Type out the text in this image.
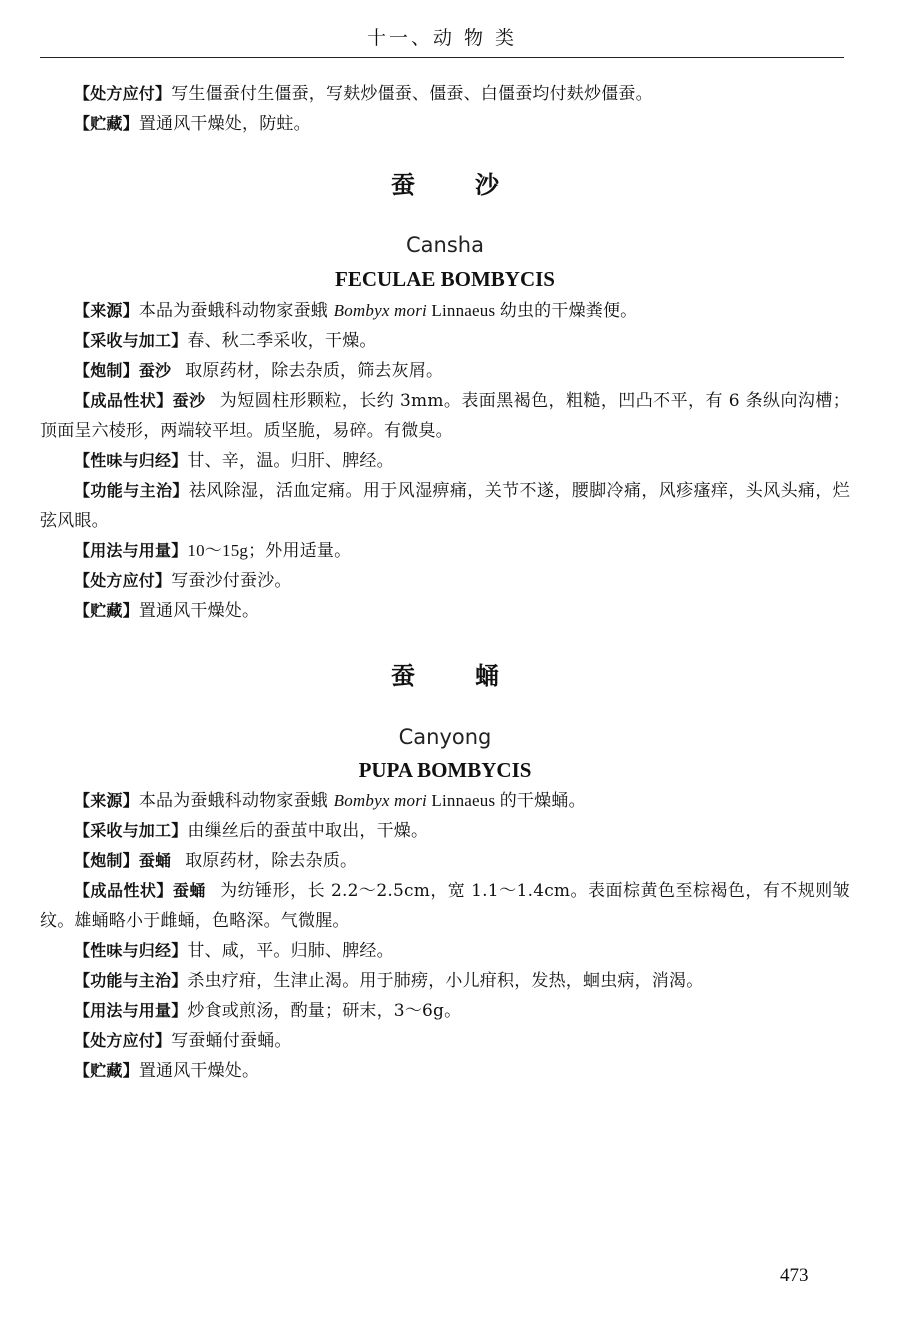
十一、动 物 类

【处方应付】写生僵蚕付生僵蚕，写麸炒僵蚕、僵蚕、白僵蚕均付麸炒僵蚕。

【贮藏】置通风干燥处，防蛀。

蚕沙
Cansha
FECULAE BOMBYCIS

【来源】本品为蚕蛾科动物家蚕蛾 Bombyx mori Linnaeus 幼虫的干燥粪便。

【采收与加工】春、秋二季采收，干燥。

【炮制】蚕沙 取原药材，除去杂质，筛去灰屑。

【成品性状】蚕沙 为短圆柱形颗粒，长约 3mm。表面黑褐色，粗糙，凹凸不平，有 6 条纵向沟槽；顶面呈六棱形，两端较平坦。质坚脆，易碎。有微臭。

【性味与归经】甘、辛，温。归肝、脾经。

【功能与主治】祛风除湿，活血定痛。用于风湿痹痛，关节不遂，腰脚冷痛，风疹瘙痒，头风头痛，烂弦风眼。

【用法与用量】10～15g；外用适量。

【处方应付】写蚕沙付蚕沙。

【贮藏】置通风干燥处。

蚕蛹
Canyong
PUPA BOMBYCIS

【来源】本品为蚕蛾科动物家蚕蛾 Bombyx mori Linnaeus 的干燥蛹。

【采收与加工】由缫丝后的蚕茧中取出，干燥。

【炮制】蚕蛹 取原药材，除去杂质。

【成品性状】蚕蛹 为纺锤形，长 2.2～2.5cm，宽 1.1～1.4cm。表面棕黄色至棕褐色，有不规则皱纹。雄蛹略小于雌蛹，色略深。气微腥。

【性味与归经】甘、咸，平。归肺、脾经。

【功能与主治】杀虫疗疳，生津止渴。用于肺痨，小儿疳积，发热，蛔虫病，消渴。

【用法与用量】炒食或煎汤，酌量；研末，3～6g。

【处方应付】写蚕蛹付蚕蛹。

【贮藏】置通风干燥处。

473
